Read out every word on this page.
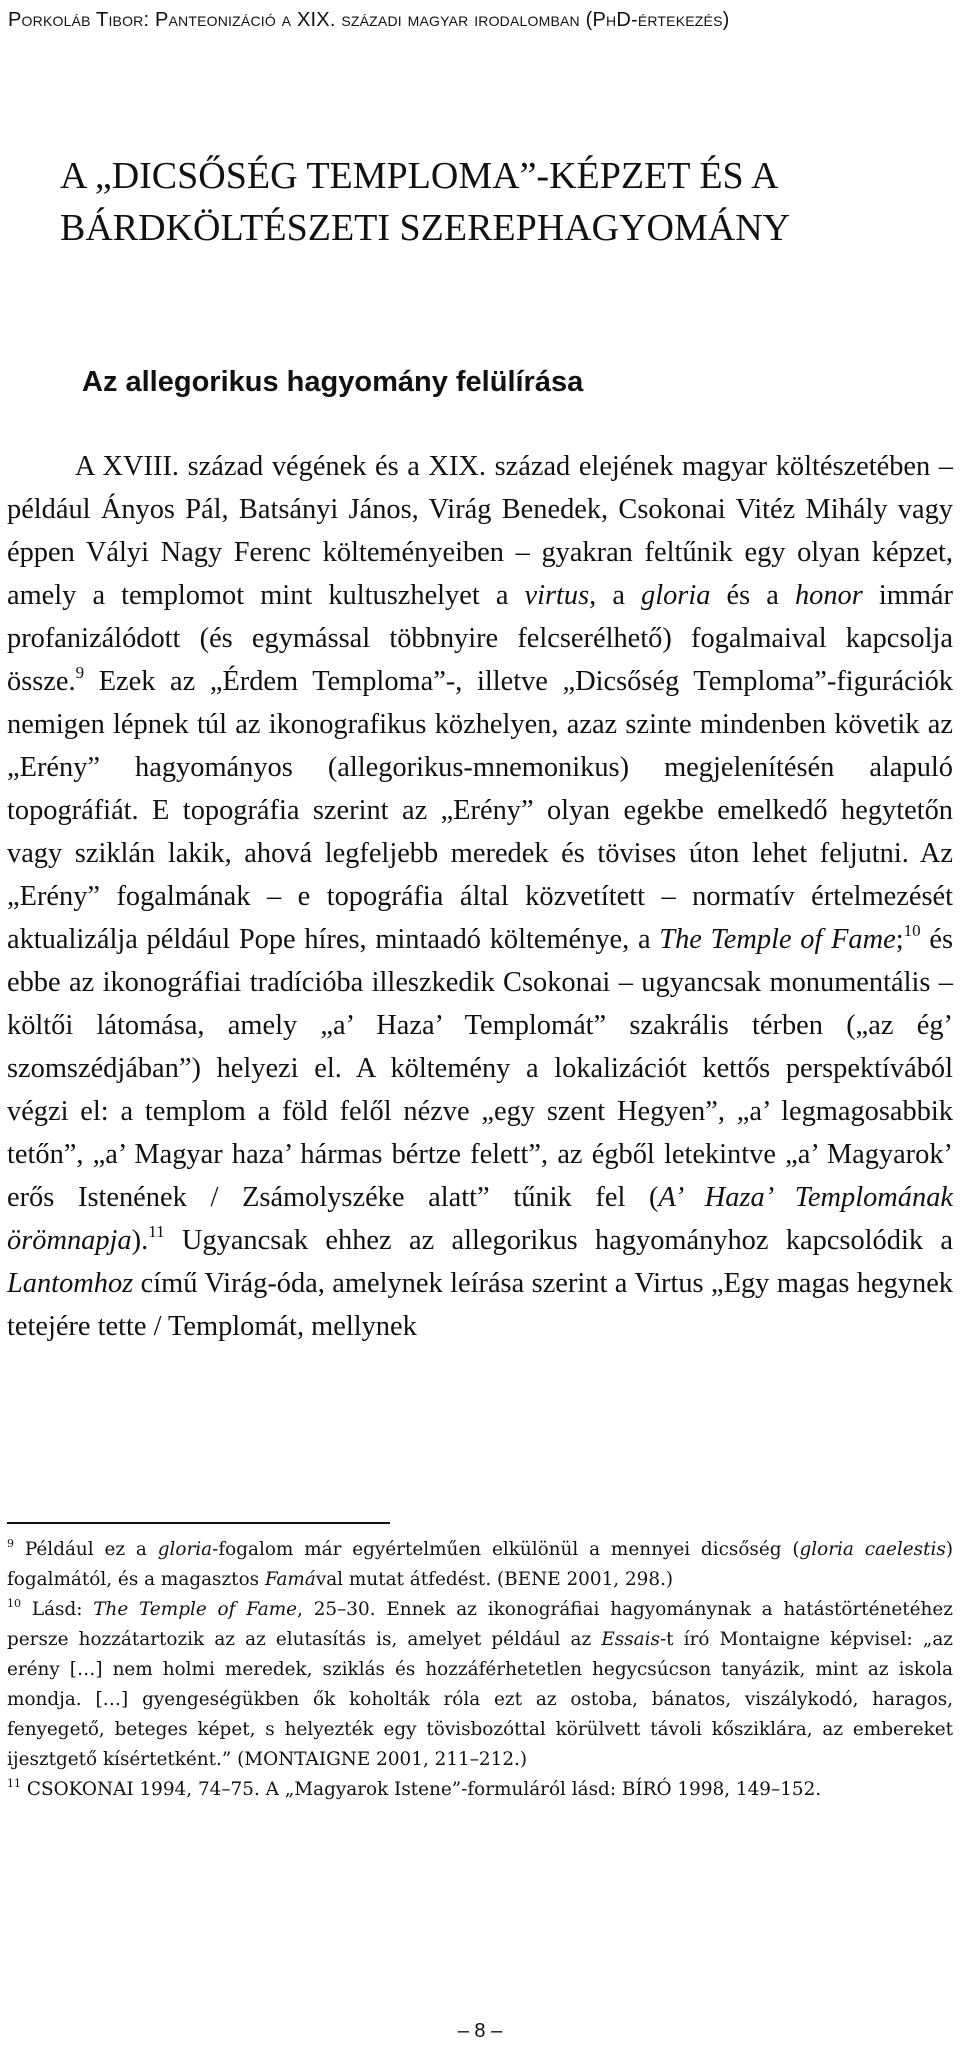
Porkoláb Tibor: Panteonizáció a XIX. századi magyar irodalomban (PhD-értekezés)
A „DICSŐSÉG TEMPLOMA”-KÉPZET ÉS A
BÁRDKÖLTÉSZETI SZEREPHAGYOMÁNY
Az allegorikus hagyomány felülírása

A XVIII. század végének és a XIX. század elejének magyar költészetében – például Ányos Pál, Batsányi János, Virág Benedek, Csokonai Vitéz Mihály vagy éppen Vályi Nagy Ferenc költeményeiben – gyakran feltűnik egy olyan képzet, amely a templomot mint kultuszhelyet a virtus, a gloria és a honor immár profanizálódott (és egymással többnyire felcserélhető) fogalmaival kapcsolja össze.$^9$ Ezek az „Érdem Temploma”-, illetve „Dicsőség Temploma”-figurációk nemigen lépnek túl az ikonografikus közhelyen, azaz szinte mindenben követik az „Erény” hagyományos (allegorikus-mnemonikus) megjelenítésén alapuló topográfiát. E topográfia szerint az „Erény” olyan egekbe emelkedő hegytetőn vagy sziklán lakik, ahová legfeljebb meredek és tövises úton lehet feljutni. Az „Erény” fogalmának – e topográfia által közvetített – normatív értelmezését aktualizálja például Pope híres, mintaadó költeménye, a The Temple of Fame;$^{10}$ és ebbe az ikonográfiai tradícióba illeszkedik Csokonai – ugyancsak monumentális – költői látomása, amely „a’ Haza’ Templomát” szakrális térben („az ég’ szomszédjában”) helyezi el. A költemény a lokalizációt kettős perspektívából végzi el: a templom a föld felől nézve „egy szent Hegyen”, „a’ legmagosabbik tetőn”, „a’ Magyar haza’ hármas bértze felett”, az égből letekintve „a’ Magyarok’ erős Istenének / Zsámolyszéke alatt” tűnik fel (A’ Haza’ Templomának örömnapja).$^{11}$ Ugyancsak ehhez az allegorikus hagyományhoz kapcsolódik a Lantomhoz című Virág-óda, amelynek leírása szerint a Virtus „Egy magas hegynek tetejére tette / Templomát, mellynek

$^9$ Például ez a gloria-fogalom már egyértelműen elkülönül a mennyei dicsőség (gloria caelestis) fogalmától, és a magasztos Famával mutat átfedést. (BENE 2001, 298.)

$^{10}$ Lásd: The Temple of Fame, 25–30. Ennek az ikonográfiai hagyománynak a hatástörténetéhez persze hozzátartozik az az elutasítás is, amelyet például az Essais-t író Montaigne képvisel: „az erény […] nem holmi meredek, sziklás és hozzáférhetetlen hegycsúcson tanyázik, mint az iskola mondja. […] gyengeségükben ők koholták róla ezt az ostoba, bánatos, viszálykodó, haragos, fenyegető, beteges képet, s helyezték egy tövisbozóttal körülvett távoli kősziklára, az embereket ijesztgető kísértetként.” (MONTAIGNE 2001, 211–212.)

$^{11}$ CSOKONAI 1994, 74–75. A „Magyarok Istene”-formuláról lásd: BÍRÓ 1998, 149–152.

– 8 –
